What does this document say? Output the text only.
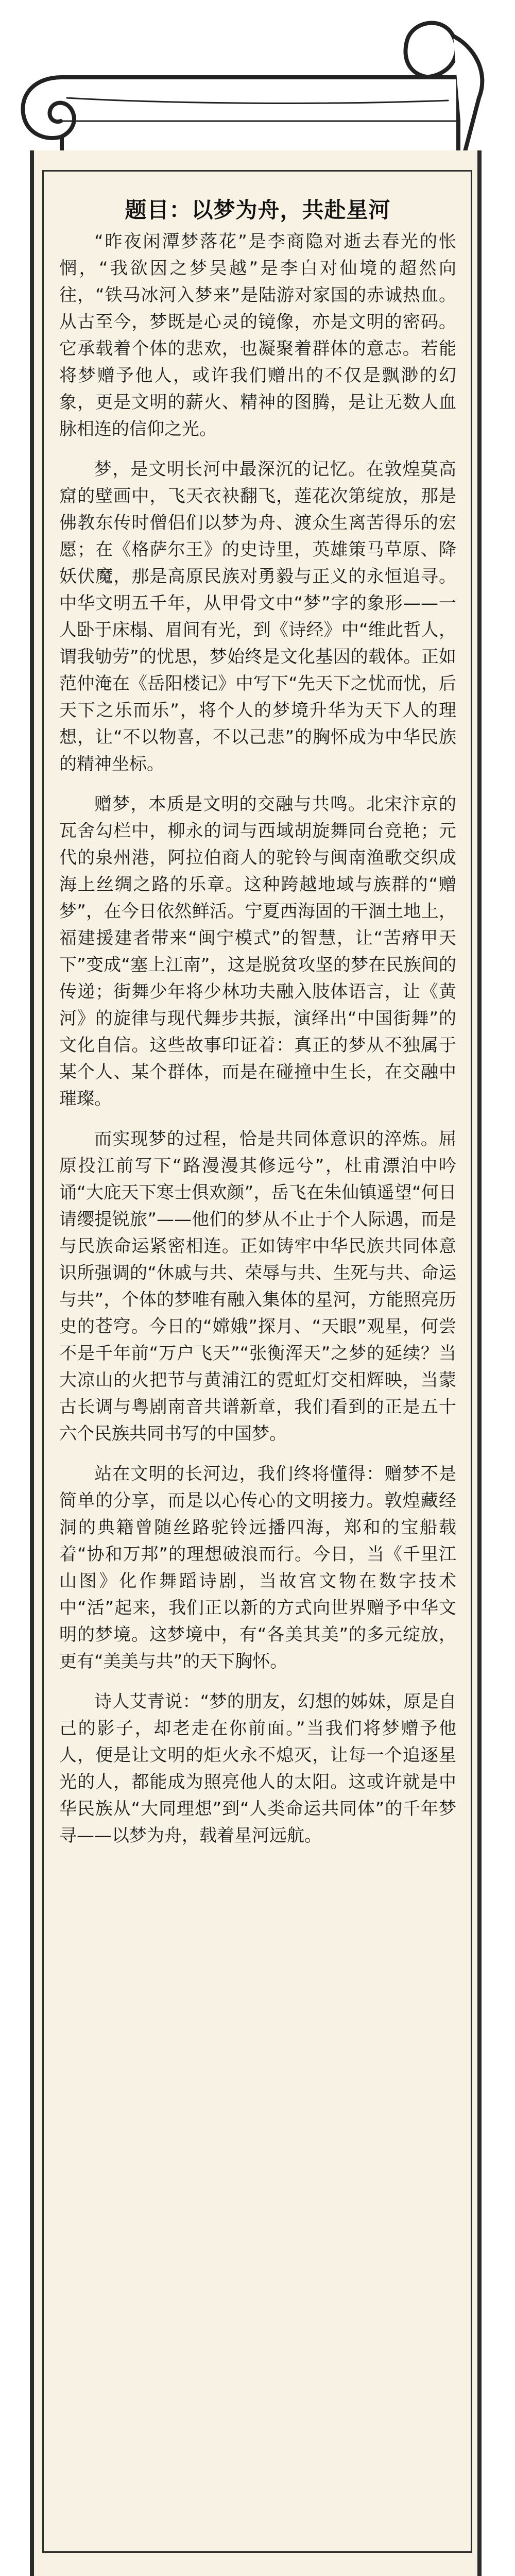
题目：以梦为舟，共赴星河

“昨夜闲潭梦落花”是李商隐对逝去春光的怅惘，“我欲因之梦吴越”是李白对仙境的超然向往，“铁马冰河入梦来”是陆游对家国的赤诚热血。从古至今，梦既是心灵的镜像，亦是文明的密码。它承载着个体的悲欢，也凝聚着群体的意志。若能将梦赠予他人，或许我们赠出的不仅是飘渺的幻象，更是文明的薪火、精神的图腾，是让无数人血脉相连的信仰之光。

梦，是文明长河中最深沉的记忆。在敦煌莫高窟的壁画中，飞天衣袂翻飞，莲花次第绽放，那是佛教东传时僧侣们以梦为舟、渡众生离苦得乐的宏愿；在《格萨尔王》的史诗里，英雄策马草原、降妖伏魔，那是高原民族对勇毅与正义的永恒追寻。中华文明五千年，从甲骨文中“梦”字的象形——一人卧于床榻、眉间有光，到《诗经》中“维此哲人，谓我劬劳”的忧思，梦始终是文化基因的载体。正如范仲淹在《岳阳楼记》中写下“先天下之忧而忧，后天下之乐而乐”，将个人的梦境升华为天下人的理想，让“不以物喜，不以己悲”的胸怀成为中华民族的精神坐标。

赠梦，本质是文明的交融与共鸣。北宋汴京的瓦舍勾栏中，柳永的词与西域胡旋舞同台竞艳；元代的泉州港，阿拉伯商人的驼铃与闽南渔歌交织成海上丝绸之路的乐章。这种跨越地域与族群的“赠梦”，在今日依然鲜活。宁夏西海固的干涸土地上，福建援建者带来“闽宁模式”的智慧，让“苦瘠甲天下”变成“塞上江南”，这是脱贫攻坚的梦在民族间的传递；街舞少年将少林功夫融入肢体语言，让《黄河》的旋律与现代舞步共振，演绎出“中国街舞”的文化自信。这些故事印证着：真正的梦从不独属于某个人、某个群体，而是在碰撞中生长，在交融中璀璨。

而实现梦的过程，恰是共同体意识的淬炼。屈原投江前写下“路漫漫其修远兮”，杜甫漂泊中吟诵“大庇天下寒士俱欢颜”，岳飞在朱仙镇遥望“何日请缨提锐旅”——他们的梦从不止于个人际遇，而是与民族命运紧密相连。正如铸牢中华民族共同体意识所强调的“休戚与共、荣辱与共、生死与共、命运与共”，个体的梦唯有融入集体的星河，方能照亮历史的苍穹。今日的“嫦娥”探月、“天眼”观星，何尝不是千年前“万户飞天”“张衡浑天”之梦的延续？当大凉山的火把节与黄浦江的霓虹灯交相辉映，当蒙古长调与粤剧南音共谱新章，我们看到的正是五十六个民族共同书写的中国梦。

站在文明的长河边，我们终将懂得：赠梦不是简单的分享，而是以心传心的文明接力。敦煌藏经洞的典籍曾随丝路驼铃远播四海，郑和的宝船载着“协和万邦”的理想破浪而行。今日，当《千里江山图》化作舞蹈诗剧，当故宫文物在数字技术中“活”起来，我们正以新的方式向世界赠予中华文明的梦境。这梦境中，有“各美其美”的多元绽放，更有“美美与共”的天下胸怀。

诗人艾青说：“梦的朋友，幻想的姊妹，原是自己的影子，却老走在你前面。”当我们将梦赠予他人，便是让文明的炬火永不熄灭，让每一个追逐星光的人，都能成为照亮他人的太阳。这或许就是中华民族从“大同理想”到“人类命运共同体”的千年梦寻——以梦为舟，载着星河远航。
